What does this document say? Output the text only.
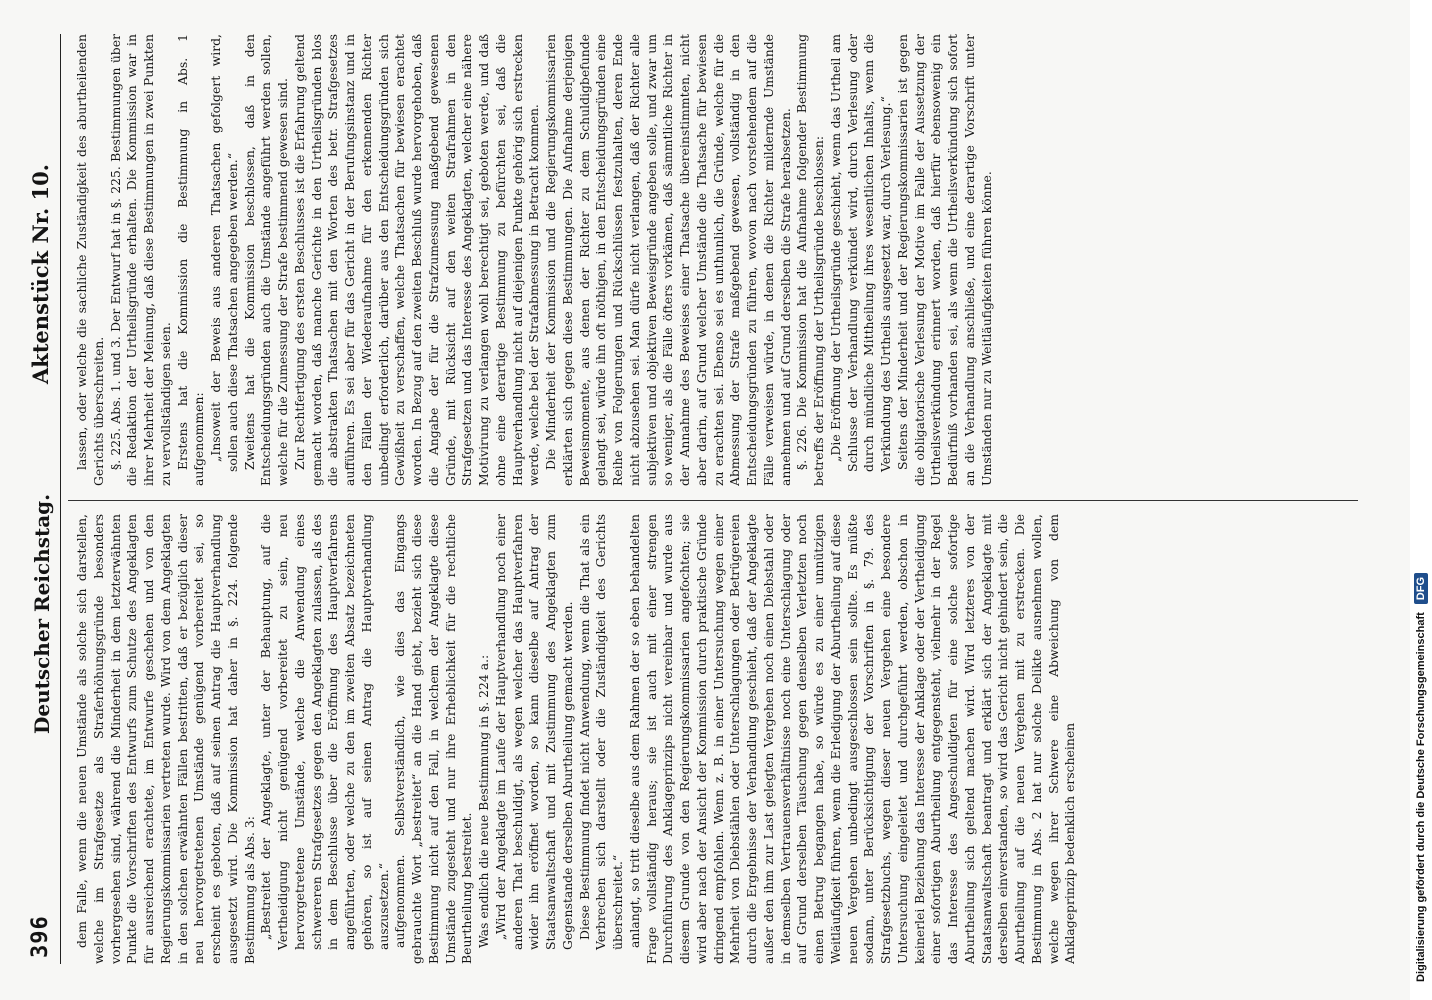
396
Deutscher Reichstag.
Aktenstück Nr. 10.

dem Falle, wenn die neuen Umstände als solche sich darstellen, welche im Strafgesetze als Straferhöhungsgründe besonders vorhergesehen sind, während die Minderheit in dem letzterwähnten Punkte die Vorschriften des Entwurfs zum Schutze des Angeklagten für ausreichend erachtete, im Entwurfe geschehen und von den Regierungskommissarien vertreten wurde. Wird von dem Angeklagten in den solchen erwähnten Fällen bestritten, daß er bezüglich dieser neu hervorgetretenen Umstände genügend vorbereitet sei, so erscheint es geboten, daß auf seinen Antrag die Hauptverhandlung ausgesetzt wird. Die Kommission hat daher in §. 224. folgende Bestimmung als Abs. 3: „Bestreitet der Angeklagte, unter der Behauptung, auf die Vertheidigung nicht genügend vorbereitet zu sein, neu hervorgetretene Umstände, welche die Anwendung eines schwereren Strafgesetzes gegen den Angeklagten zulassen, als des in dem Beschlusse über die Eröffnung des Hauptverfahrens angeführten, oder welche zu den im zweiten Absatz bezeichneten gehören, so ist auf seinen Antrag die Hauptverhandlung auszusetzen.“ aufgenommen. Selbstverständlich, wie dies das Eingangs gebrauchte Wort „bestreitet“ an die Hand giebt, bezieht sich diese Bestimmung nicht auf den Fall, in welchem der Angeklagte diese Umstände zugesteht und nur ihre Erheblichkeit für die rechtliche Beurtheilung bestreitet. Was endlich die neue Bestimmung in §. 224 a.: „Wird der Angeklagte im Laufe der Hauptverhandlung noch einer anderen That beschuldigt, als wegen welcher das Hauptverfahren wider ihn eröffnet worden, so kann dieselbe auf Antrag der Staatsanwaltschaft und mit Zustimmung des Angeklagten zum Gegenstande derselben Aburtheilung gemacht werden. Diese Bestimmung findet nicht Anwendung, wenn die That als ein Verbrechen sich darstellt oder die Zuständigkeit des Gerichts überschreitet.“ anlangt, so tritt dieselbe aus dem Rahmen der so eben behandelten Frage vollständig heraus; sie ist auch mit einer strengen Durchführung des Anklageprinzips nicht vereinbar und wurde aus diesem Grunde von den Regierungskommissarien angefochten; sie wird aber nach der Ansicht der Kommission durch praktische Gründe dringend empfohlen. Wenn z. B. in einer Untersuchung wegen einer Mehrheit von Diebstählen oder Unterschlagungen oder Betrügereien durch die Ergebnisse der Verhandlung geschieht, daß der Angeklagte außer den ihm zur Last gelegten Vergehen noch einen Diebstahl oder in demselben Vertrauensverhältnisse noch eine Unterschlagung oder auf Grund derselben Täuschung gegen denselben Verletzten noch einen Betrug begangen habe, so würde es zu einer unnützigen Weitläufigkeit führen, wenn die Erledigung der Aburtheilung auf diese neuen Vergehen unbedingt ausgeschlossen sein sollte. Es müßte sodann, unter Berücksichtigung der Vorschriften in §. 79. des Strafgesetzbuchs, wegen dieser neuen Vergehen eine besondere Untersuchung eingeleitet und durchgeführt werden, obschon in keinerlei Beziehung das Interesse der Anklage oder der Vertheidigung einer sofortigen Aburtheilung entgegensteht, vielmehr in der Regel das Interesse des Angeschuldigten für eine solche sofortige Aburtheilung sich geltend machen wird. Wird letzteres von der Staatsanwaltschaft beantragt und erklärt sich der Angeklagte mit derselben einverstanden, so wird das Gericht nicht gehindert sein, die Aburtheilung auf die neuen Vergehen mit zu erstrecken. Die Bestimmung in Abs. 2 hat nur solche Delikte ausnehmen wollen, welche wegen ihrer Schwere eine Abweichung von dem Anklageprinzip bedenklich erscheinen

lassen, oder welche die sachliche Zuständigkeit des aburtheilenden Gerichts überschreiten. §. 225. Abs. 1. und 3. Der Entwurf hat in §. 225. Bestimmungen über die Redaktion der Urtheilsgründe erhalten. Die Kommission war in ihrer Mehrheit der Meinung, daß diese Bestimmungen in zwei Punkten zu vervollständigen seien. Erstens hat die Kommission die Bestimmung in Abs. 1 aufgenommen: „Insoweit der Beweis aus anderen Thatsachen gefolgert wird, sollen auch diese Thatsachen angegeben werden.“ Zweitens hat die Kommission beschlossen, daß in den Entscheidungsgründen auch die Umstände angeführt werden sollen, welche für die Zumessung der Strafe bestimmend gewesen sind. Zur Rechtfertigung des ersten Beschlusses ist die Erfahrung geltend gemacht worden, daß manche Gerichte in den Urtheilsgründen blos die abstrakten Thatsachen mit den Worten des betr. Strafgesetzes aufführen. Es sei aber für das Gericht in der Berufungsinstanz und in den Fällen der Wiederaufnahme für den erkennenden Richter unbedingt erforderlich, darüber aus den Entscheidungsgründen sich Gewißheit zu verschaffen, welche Thatsachen für bewiesen erachtet worden. In Bezug auf den zweiten Beschluß wurde hervorgehoben, daß die Angabe der für die Strafzumessung maßgebend gewesenen Gründe, mit Rücksicht auf den weiten Strafrahmen in den Strafgesetzen und das Interesse des Angeklagten, welcher eine nähere Motivirung zu verlangen wohl berechtigt sei, geboten werde, und daß ohne eine derartige Bestimmung zu befürchten sei, daß die Hauptverhandlung nicht auf diejenigen Punkte gehörig sich erstrecken werde, welche bei der Strafabmessung in Betracht kommen. Die Minderheit der Kommission und die Regierungskommissarien erklärten sich gegen diese Bestimmungen. Die Aufnahme derjenigen Beweismomente, aus denen der Richter zu dem Schuldigbefunde gelangt sei, würde ihn oft nöthigen, in den Entscheidungsgründen eine Reihe von Folgerungen und Rückschlüssen festzuhalten, deren Ende nicht abzusehen sei. Man dürfe nicht verlangen, daß der Richter alle subjektiven und objektiven Beweisgründe angeben solle, und zwar um so weniger, als die Fälle öfters vorkämen, daß sämmtliche Richter in der Annahme des Beweises einer Thatsache übereinstimmten, nicht aber darin, auf Grund welcher Umstände die Thatsache für bewiesen zu erachten sei. Ebenso sei es unthunlich, die Gründe, welche für die Abmessung der Strafe maßgebend gewesen, vollständig in den Entscheidungsgründen zu führen, wovon nach vorstehendem auf die Fälle verweisen würde, in denen die Richter mildernde Umstände annehmen und auf Grund derselben die Strafe herabsetzen. §. 226. Die Kommission hat die Aufnahme folgender Bestimmung betreffs der Eröffnung der Urtheilsgründe beschlossen: „Die Eröffnung der Urtheilsgründe geschieht, wenn das Urtheil am Schlusse der Verhandlung verkündet wird, durch Verlesung oder durch mündliche Mittheilung ihres wesentlichen Inhalts, wenn die Verkündung des Urtheils ausgesetzt war, durch Verlesung.“ Seitens der Minderheit und der Regierungskommissarien ist gegen die obligatorische Verlesung der Motive im Falle der Aussetzung der Urtheilsverkündung erinnert worden, daß hierfür ebensowenig ein Bedürfniß vorhanden sei, als wenn die Urtheilsverkündung sich sofort an die Verhandlung anschließe, und eine derartige Vorschrift unter Umständen nur zu Weitläufigkeiten führen könne.

Digitalisierung gefördert durch die Deutsche ForschungsgemeinschaftDFG
